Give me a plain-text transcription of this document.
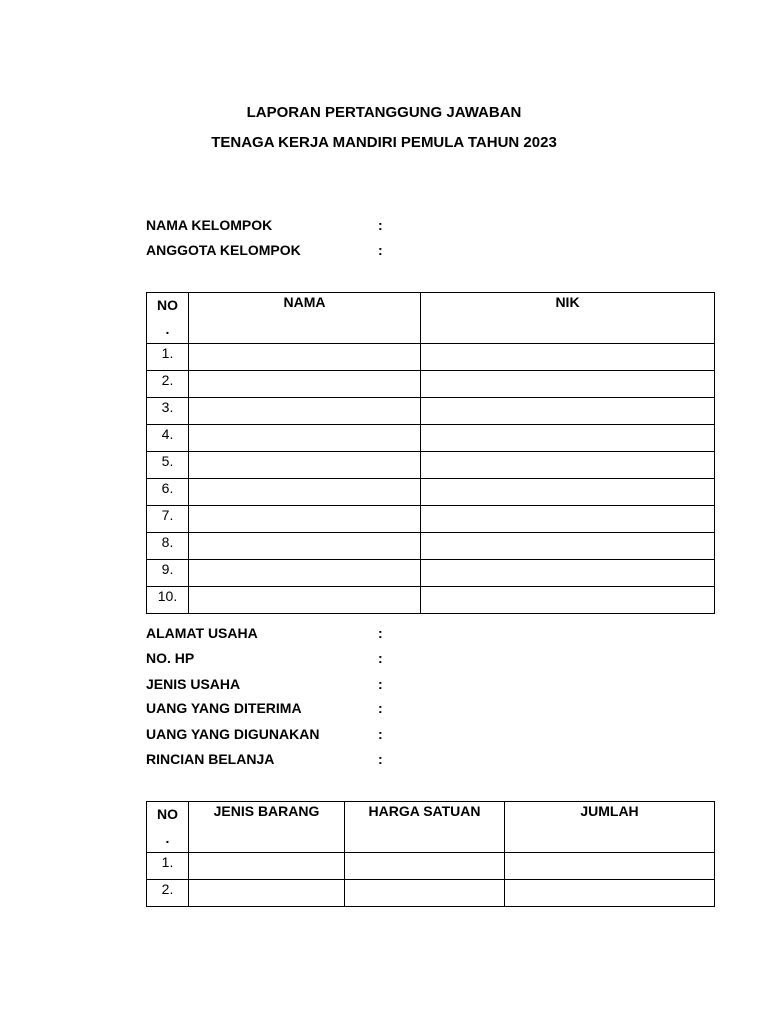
LAPORAN PERTANGGUNG JAWABAN
TENAGA KERJA MANDIRI PEMULA TAHUN 2023
NAMA KELOMPOK	:
ANGGOTA KELOMPOK	:
NO
.	NAMA	NIK
1.		
2.		
3.		
4.		
5.		
6.		
7.		
8.		
9.		
10.		
ALAMAT USAHA	:
NO. HP	:
JENIS USAHA	:
UANG YANG DITERIMA	:
UANG YANG DIGUNAKAN	:
RINCIAN BELANJA	:
NO
.	JENIS BARANG	HARGA SATUAN	JUMLAH
1.			
2.			
